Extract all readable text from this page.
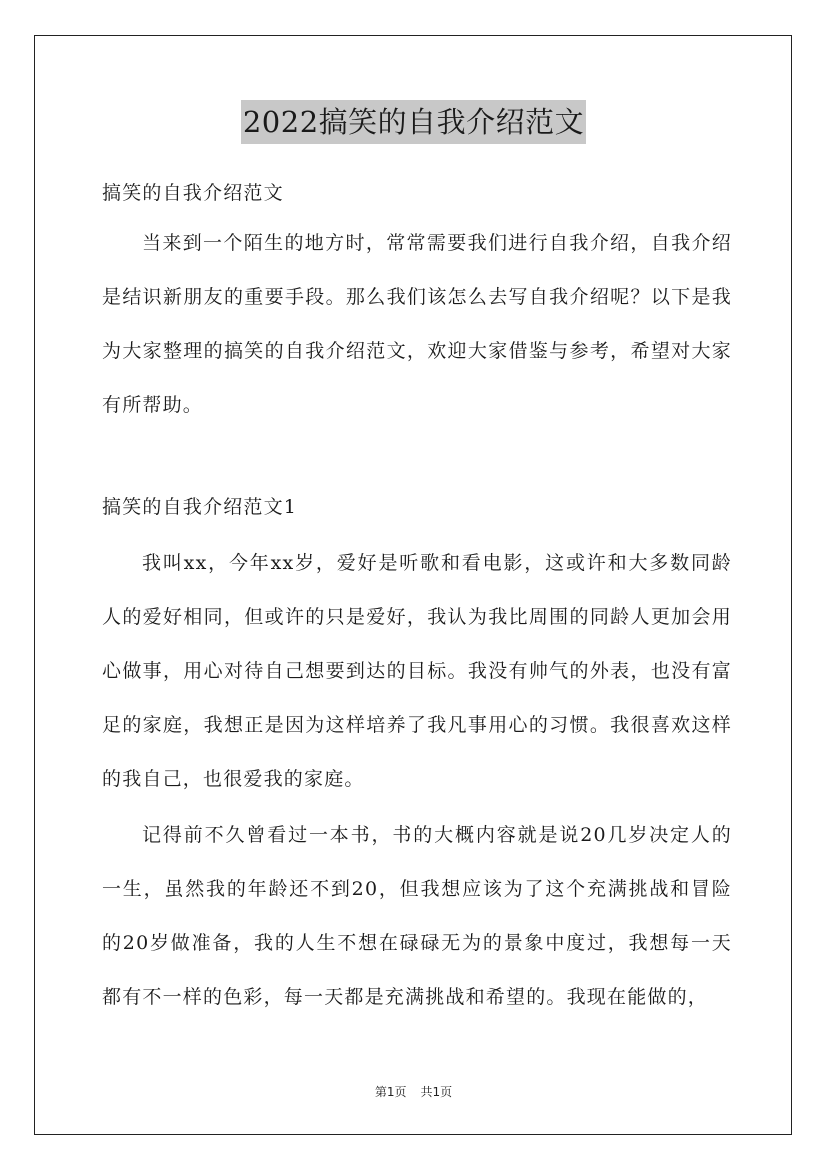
2022搞笑的自我介绍范文

搞笑的自我介绍范文

当来到一个陌生的地方时，常常需要我们进行自我介绍，自我介绍是结识新朋友的重要手段。那么我们该怎么去写自我介绍呢？以下是我为大家整理的搞笑的自我介绍范文，欢迎大家借鉴与参考，希望对大家有所帮助。

搞笑的自我介绍范文1

我叫xx，今年xx岁，爱好是听歌和看电影，这或许和大多数同龄人的爱好相同，但或许的只是爱好，我认为我比周围的同龄人更加会用心做事，用心对待自己想要到达的目标。我没有帅气的外表，也没有富足的家庭，我想正是因为这样培养了我凡事用心的习惯。我很喜欢这样的我自己，也很爱我的家庭。

记得前不久曾看过一本书，书的大概内容就是说20几岁决定人的一生，虽然我的年龄还不到20，但我想应该为了这个充满挑战和冒险的20岁做准备，我的人生不想在碌碌无为的景象中度过，我想每一天都有不一样的色彩，每一天都是充满挑战和希望的。我现在能做的，

第1页 共1页
